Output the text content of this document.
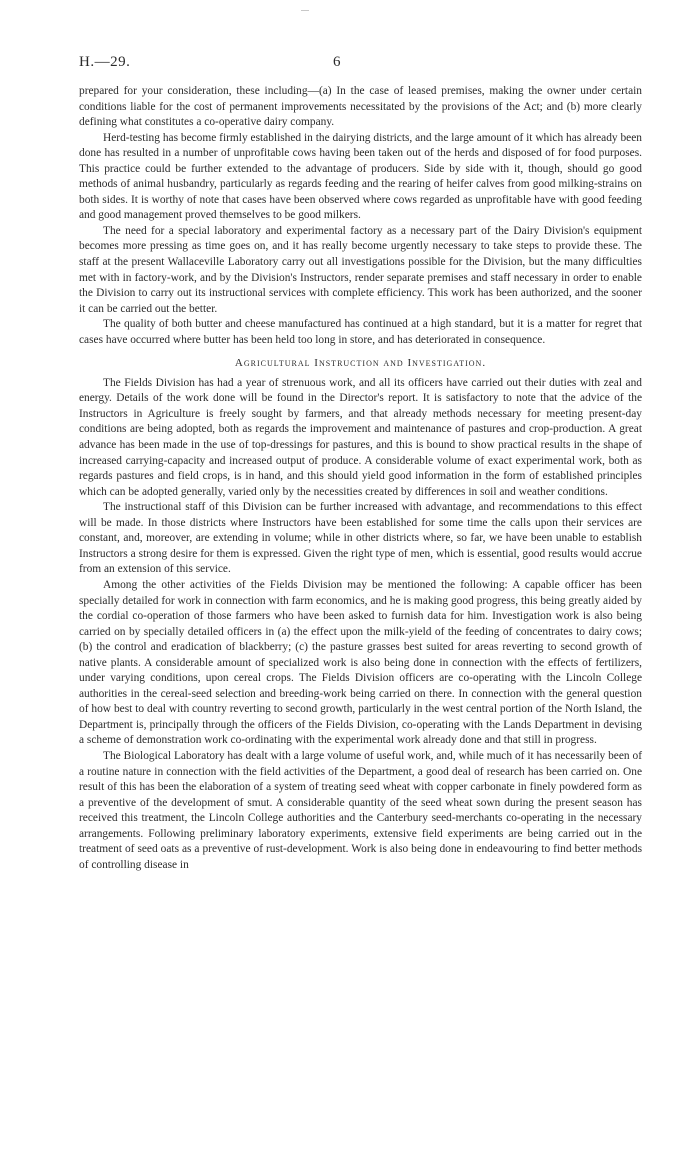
H.—29.	6

prepared for your consideration, these including—(a) In the case of leased premises, making the owner under certain conditions liable for the cost of permanent improvements necessitated by the provisions of the Act; and (b) more clearly defining what constitutes a co-operative dairy company.

Herd-testing has become firmly established in the dairying districts, and the large amount of it which has already been done has resulted in a number of unprofitable cows having been taken out of the herds and disposed of for food purposes. This practice could be further extended to the advantage of producers. Side by side with it, though, should go good methods of animal husbandry, particularly as regards feeding and the rearing of heifer calves from good milking-strains on both sides. It is worthy of note that cases have been observed where cows regarded as unprofitable have with good feeding and good management proved themselves to be good milkers.

The need for a special laboratory and experimental factory as a necessary part of the Dairy Division's equipment becomes more pressing as time goes on, and it has really become urgently necessary to take steps to provide these. The staff at the present Wallaceville Laboratory carry out all investigations possible for the Division, but the many difficulties met with in factory-work, and by the Division's Instructors, render separate premises and staff necessary in order to enable the Division to carry out its instructional services with complete efficiency. This work has been authorized, and the sooner it can be carried out the better.

The quality of both butter and cheese manufactured has continued at a high standard, but it is a matter for regret that cases have occurred where butter has been held too long in store, and has deteriorated in consequence.

Agricultural Instruction and Investigation.

The Fields Division has had a year of strenuous work, and all its officers have carried out their duties with zeal and energy. Details of the work done will be found in the Director's report. It is satisfactory to note that the advice of the Instructors in Agriculture is freely sought by farmers, and that already methods necessary for meeting present-day conditions are being adopted, both as regards the improvement and maintenance of pastures and crop-production. A great advance has been made in the use of top-dressings for pastures, and this is bound to show practical results in the shape of increased carrying-capacity and increased output of produce. A considerable volume of exact experimental work, both as regards pastures and field crops, is in hand, and this should yield good information in the form of established principles which can be adopted generally, varied only by the necessities created by differences in soil and weather conditions.

The instructional staff of this Division can be further increased with advantage, and recommendations to this effect will be made. In those districts where Instructors have been established for some time the calls upon their services are constant, and, moreover, are extending in volume; while in other districts where, so far, we have been unable to establish Instructors a strong desire for them is expressed. Given the right type of men, which is essential, good results would accrue from an extension of this service.

Among the other activities of the Fields Division may be mentioned the following: A capable officer has been specially detailed for work in connection with farm economics, and he is making good progress, this being greatly aided by the cordial co-operation of those farmers who have been asked to furnish data for him. Investigation work is also being carried on by specially detailed officers in (a) the effect upon the milk-yield of the feeding of concentrates to dairy cows; (b) the control and eradication of blackberry; (c) the pasture grasses best suited for areas reverting to second growth of native plants. A considerable amount of specialized work is also being done in connection with the effects of fertilizers, under varying conditions, upon cereal crops. The Fields Division officers are co-operating with the Lincoln College authorities in the cereal-seed selection and breeding-work being carried on there. In connection with the general question of how best to deal with country reverting to second growth, particularly in the west central portion of the North Island, the Department is, principally through the officers of the Fields Division, co-operating with the Lands Department in devising a scheme of demonstration work co-ordinating with the experimental work already done and that still in progress.

The Biological Laboratory has dealt with a large volume of useful work, and, while much of it has necessarily been of a routine nature in connection with the field activities of the Department, a good deal of research has been carried on. One result of this has been the elaboration of a system of treating seed wheat with copper carbonate in finely powdered form as a preventive of the development of smut. A considerable quantity of the seed wheat sown during the present season has received this treatment, the Lincoln College authorities and the Canterbury seed-merchants co-operating in the necessary arrangements. Following preliminary laboratory experiments, extensive field experiments are being carried out in the treatment of seed oats as a preventive of rust-development. Work is also being done in endeavouring to find better methods of controlling disease in
